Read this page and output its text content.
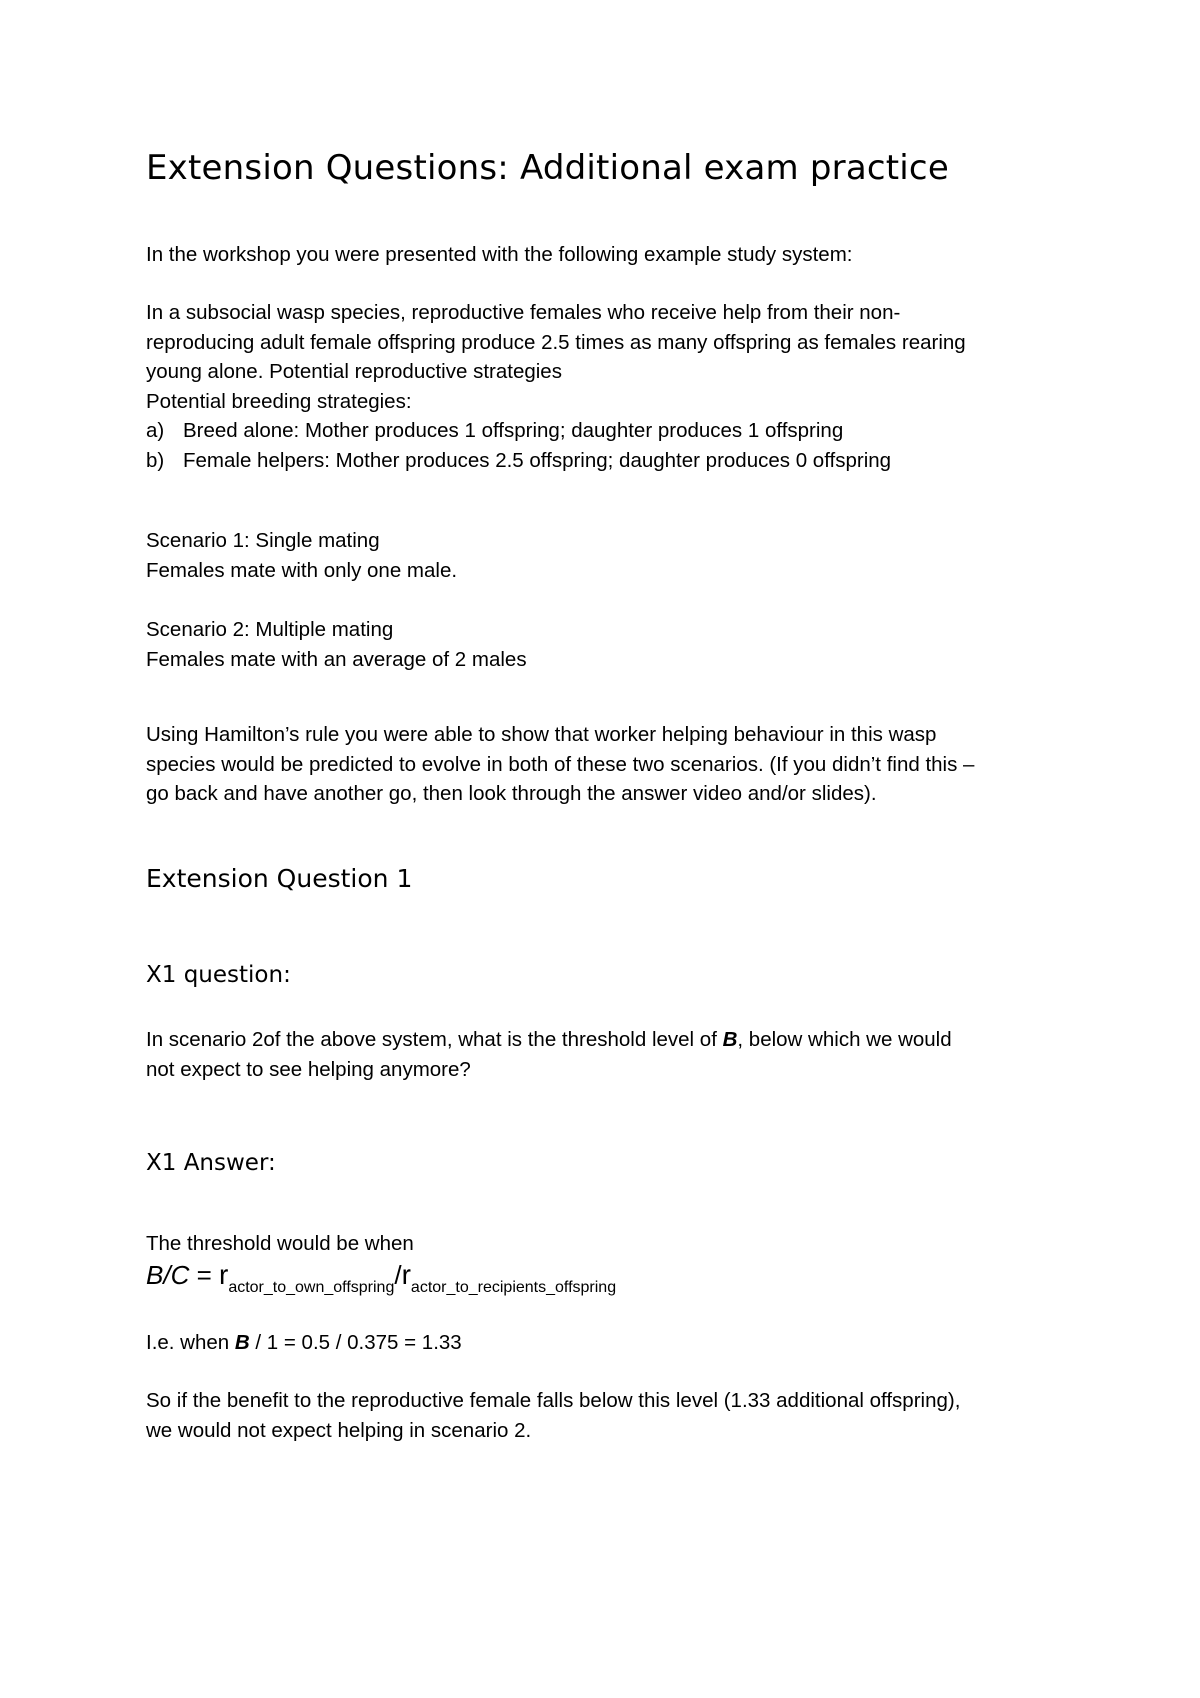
Extension Questions: Additional exam practice

In the workshop you were presented with the following example study system:

In a subsocial wasp species, reproductive females who receive help from their non-

reproducing adult female offspring produce 2.5 times as many offspring as females rearing

young alone. Potential reproductive strategies

Potential breeding strategies:

a) Breed alone: Mother produces 1 offspring; daughter produces 1 offspring
b) Female helpers: Mother produces 2.5 offspring; daughter produces 0 offspring

Scenario 1: Single mating

Females mate with only one male.

Scenario 2: Multiple mating

Females mate with an average of 2 males

Using Hamilton’s rule you were able to show that worker helping behaviour in this wasp

species would be predicted to evolve in both of these two scenarios. (If you didn’t find this –

go back and have another go, then look through the answer video and/or slides).

Extension Question 1
X1 question:

In scenario 2of the above system, what is the threshold level of B, below which we would

not expect to see helping anymore?

X1 Answer:

The threshold would be when

$B/C = r_{actor\_to\_own\_offspring}/r_{actor\_to\_recipients\_offspring}$

I.e. when B / 1 = 0.5 / 0.375 = 1.33

So if the benefit to the reproductive female falls below this level (1.33 additional offspring),

we would not expect helping in scenario 2.
